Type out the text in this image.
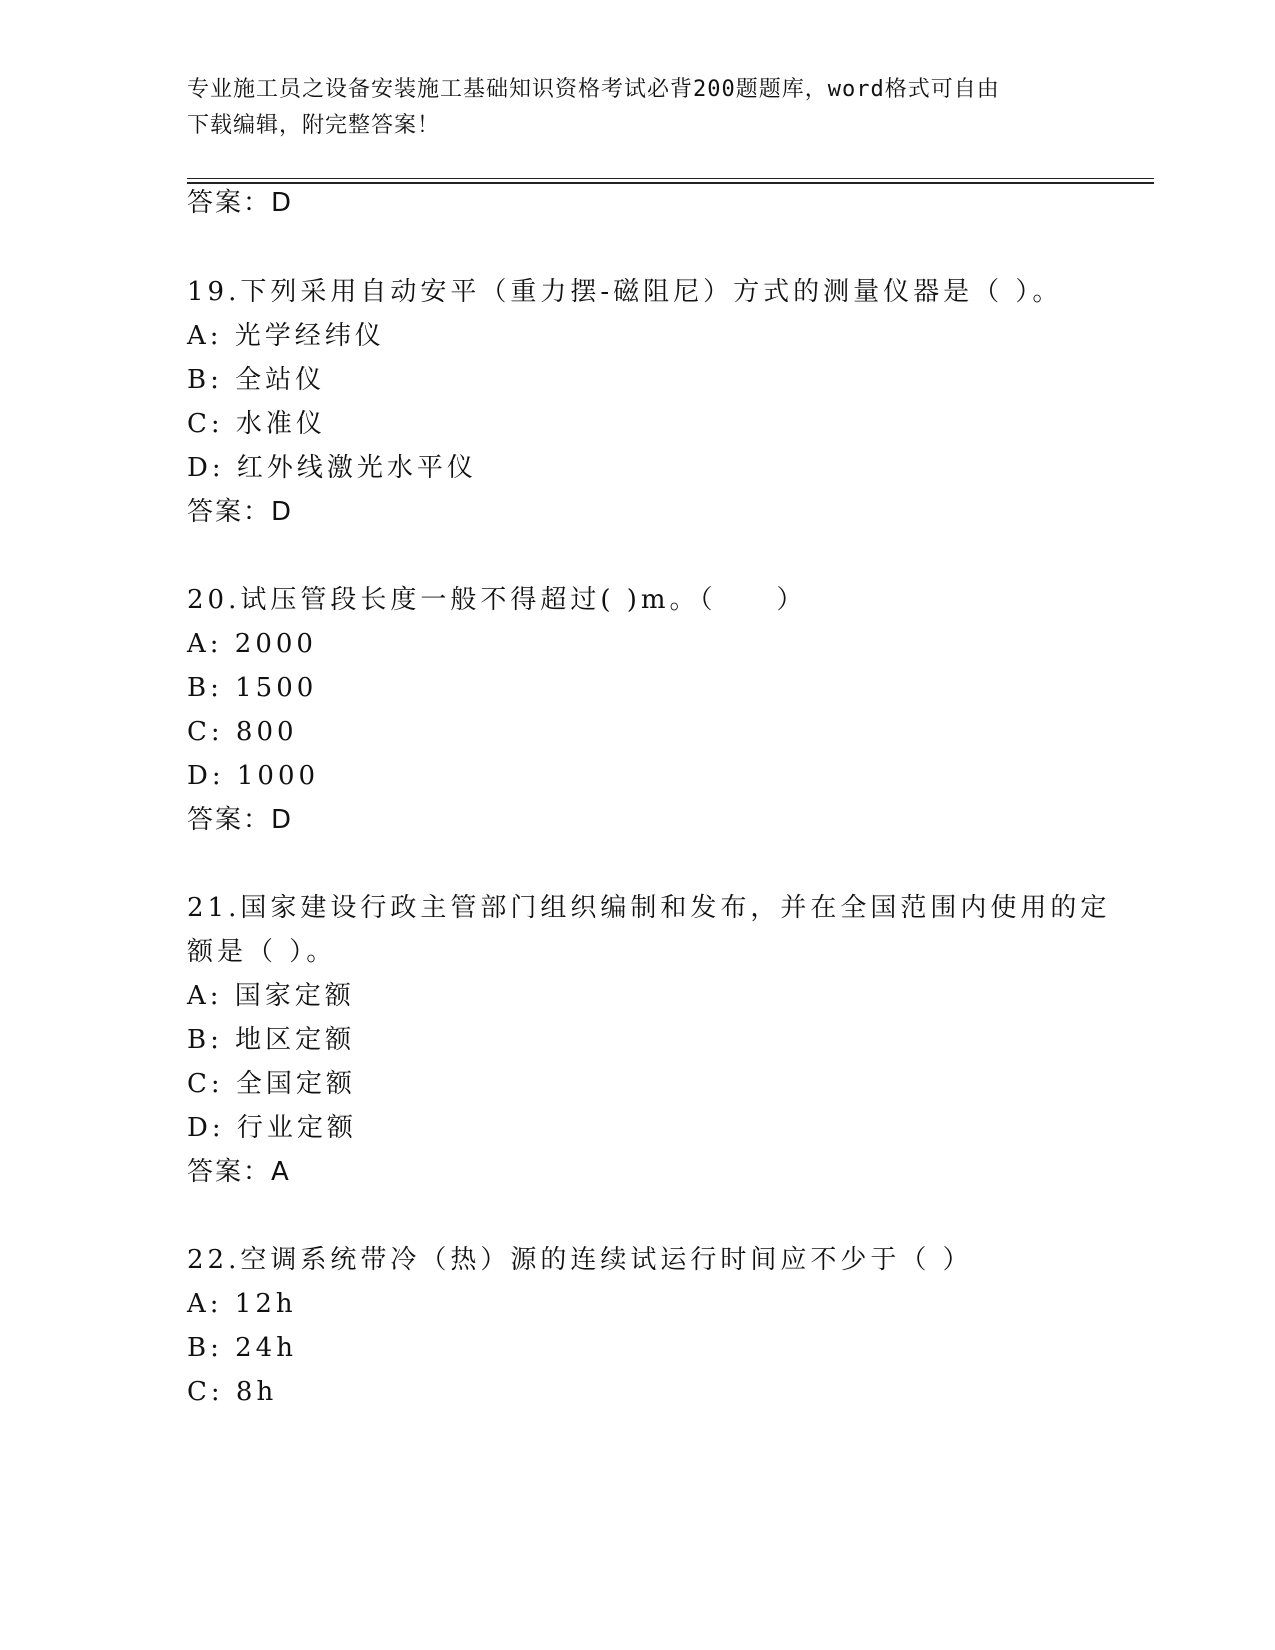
专业施工员之设备安装施工基础知识资格考试必背200题题库，word格式可自由
下载编辑，附完整答案！
答案：D
19.下列采用自动安平（重力摆-磁阻尼）方式的测量仪器是（ ）。
A: 光学经纬仪
B: 全站仪
C: 水准仪
D: 红外线激光水平仪
答案：D
20.试压管段长度一般不得超过( )m。（　　）
A: 2000
B: 1500
C: 800
D: 1000
答案：D
21.国家建设行政主管部门组织编制和发布，并在全国范围内使用的定
额是（ ）。
A: 国家定额
B: 地区定额
C: 全国定额
D: 行业定额
答案：A
22.空调系统带冷（热）源的连续试运行时间应不少于（ ）
A: 12h
B: 24h
C: 8h
